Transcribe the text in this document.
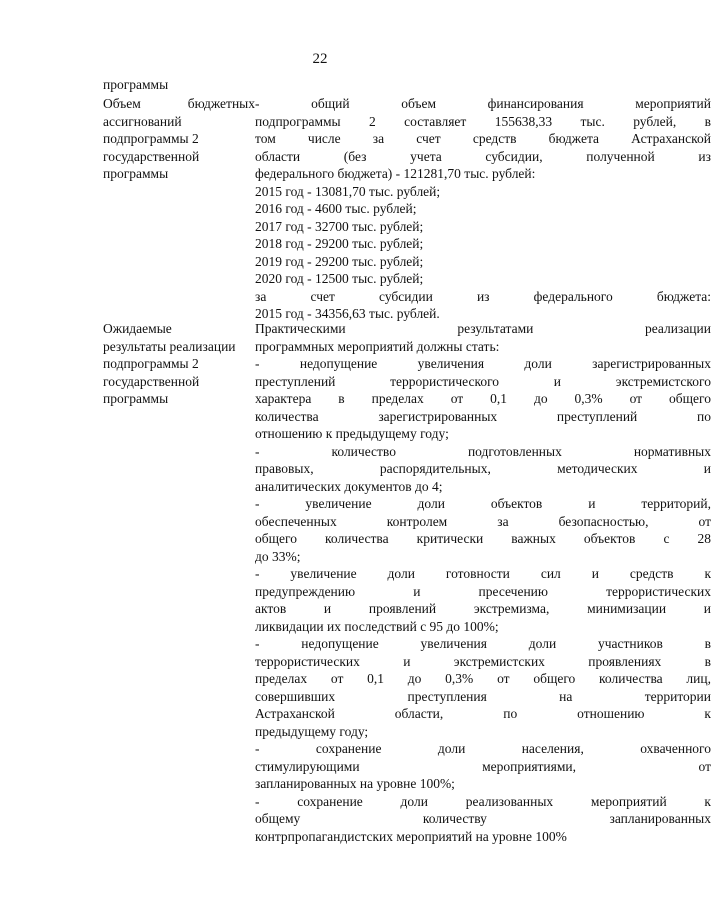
22
программы

Объем бюджетных

ассигнований

подпрограммы 2

государственной

программы

- общий объем финансирования мероприятий

подпрограммы 2 составляет 155638,33 тыс. рублей, в

том числе за счет средств бюджета Астраханской

области (без учета субсидии, полученной из

федерального бюджета) - 121281,70 тыс. рублей:

2015 год - 13081,70 тыс. рублей;

2016 год - 4600 тыс. рублей;

2017 год - 32700 тыс. рублей;

2018 год - 29200 тыс. рублей;

2019 год - 29200 тыс. рублей;

2020 год - 12500 тыс. рублей;

за счет субсидии из федерального бюджета:

2015 год - 34356,63 тыс. рублей.

Ожидаемые

результаты реализации

подпрограммы 2

государственной

программы

Практическими результатами реализации

программных мероприятий должны стать:

- недопущение увеличения доли зарегистрированных

преступлений террористического и экстремистского

характера в пределах от 0,1 до 0,3% от общего

количества зарегистрированных преступлений по

отношению к предыдущему году;

- количество подготовленных нормативных

правовых, распорядительных, методических и

аналитических документов до 4;

- увеличение доли объектов и территорий,

обеспеченных контролем за безопасностью, от

общего количества критически важных объектов с 28

до 33%;

- увеличение доли готовности сил и средств к

предупреждению и пресечению террористических

актов и проявлений экстремизма, минимизации и

ликвидации их последствий с 95 до 100%;

- недопущение увеличения доли участников в

террористических и экстремистских проявлениях в

пределах от 0,1 до 0,3% от общего количества лиц,

совершивших преступления на территории

Астраханской области, по отношению к

предыдущему году;

- сохранение доли населения, охваченного

стимулирующими мероприятиями, от

запланированных на уровне 100%;

- сохранение доли реализованных мероприятий к

общему количеству запланированных

контрпропагандистских мероприятий на уровне 100%
